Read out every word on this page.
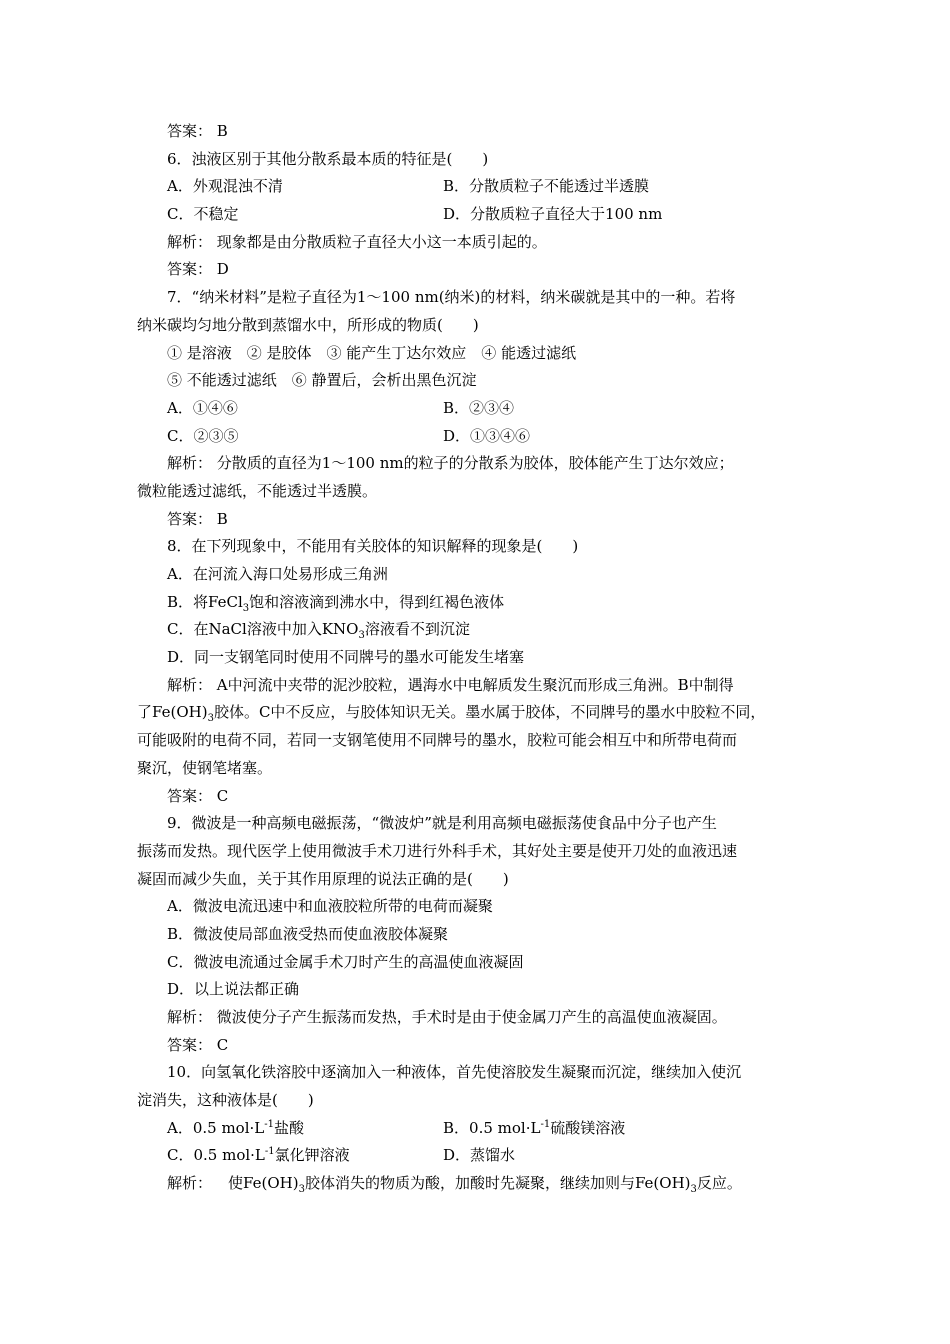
答案： B
6．浊液区别于其他分散系最本质的特征是(　　)
A．外观混浊不清	B．分散质粒子不能透过半透膜
C．不稳定	D．分散质粒子直径大于100 nm
解析： 现象都是由分散质粒子直径大小这一本质引起的。
答案： D
7．“纳米材料”是粒子直径为1～100 nm(纳米)的材料，纳米碳就是其中的一种。若将
纳米碳均匀地分散到蒸馏水中，所形成的物质(　　)
① 是溶液　② 是胶体　③ 能产生丁达尔效应　④ 能透过滤纸
⑤ 不能透过滤纸　⑥ 静置后，会析出黑色沉淀
A．①④⑥	B．②③④
C．②③⑤	D．①③④⑥
解析： 分散质的直径为1～100 nm的粒子的分散系为胶体，胶体能产生丁达尔效应；
微粒能透过滤纸，不能透过半透膜。
答案： B
8．在下列现象中，不能用有关胶体的知识解释的现象是(　　)
A．在河流入海口处易形成三角洲
B．将FeCl$_3$饱和溶液滴到沸水中，得到红褐色液体
C．在NaCl溶液中加入$KNO_3$溶液看不到沉淀
D．同一支钢笔同时使用不同牌号的墨水可能发生堵塞
解析： A中河流中夹带的泥沙胶粒，遇海水中电解质发生聚沉而形成三角洲。B中制得
了$Fe(OH)_3$胶体。C中不反应，与胶体知识无关。墨水属于胶体，不同牌号的墨水中胶粒不同，
可能吸附的电荷不同，若同一支钢笔使用不同牌号的墨水，胶粒可能会相互中和所带电荷而
聚沉，使钢笔堵塞。
答案： C
9．微波是一种高频电磁振荡，“微波炉”就是利用高频电磁振荡使食品中分子也产生
振荡而发热。现代医学上使用微波手术刀进行外科手术，其好处主要是使开刀处的血液迅速
凝固而减少失血，关于其作用原理的说法正确的是(　　)
A．微波电流迅速中和血液胶粒所带的电荷而凝聚
B．微波使局部血液受热而使血液胶体凝聚
C．微波电流通过金属手术刀时产生的高温使血液凝固
D．以上说法都正确
解析： 微波使分子产生振荡而发热，手术时是由于使金属刀产生的高温使血液凝固。
答案： C
10．向氢氧化铁溶胶中逐滴加入一种液体，首先使溶胶发生凝聚而沉淀，继续加入使沉
淀消失，这种液体是(　　)
A．0.5 $mol\cdot L^{-1}$盐酸	B．0.5 $mol\cdot L^{-1}$硫酸镁溶液
C．0.5 $mol\cdot L^{-1}$氯化钾溶液	D．蒸馏水
解析： 使$Fe(OH)_3$胶体消失的物质为酸，加酸时先凝聚，继续加则与$Fe(OH)_3$反应。
